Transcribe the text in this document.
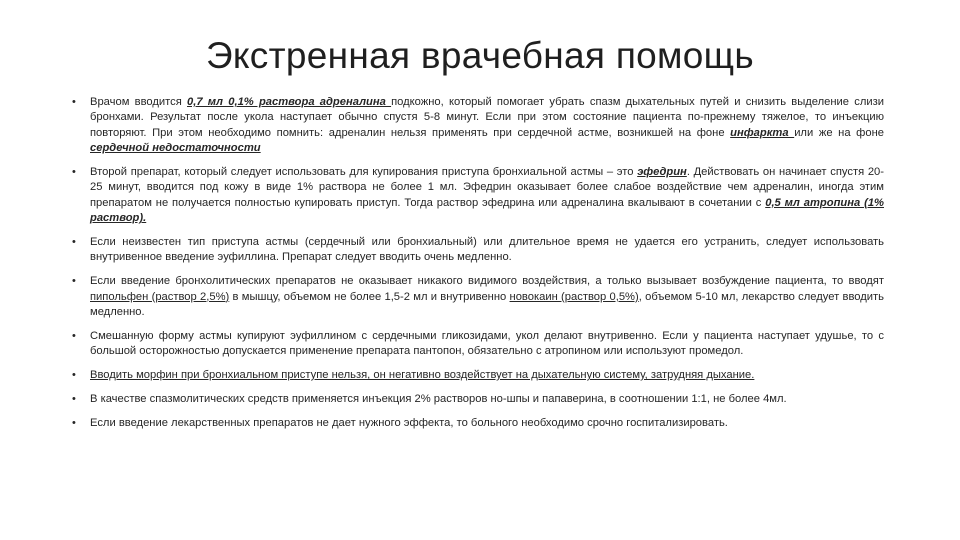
Экстренная врачебная помощь
• Врачом вводится 0,7 мл 0,1% раствора адреналина подкожно, который помогает убрать спазм дыхательных путей и снизить выделение слизи бронхами. Результат после укола наступает обычно спустя 5-8 минут. Если при этом состояние пациента по-прежнему тяжелое, то инъекцию повторяют. При этом необходимо помнить: адреналин нельзя применять при сердечной астме, возникшей на фоне инфаркта или же на фоне сердечной недостаточности
• Второй препарат, который следует использовать для купирования приступа бронхиальной астмы – это эфедрин. Действовать он начинает спустя 20-25 минут, вводится под кожу в виде 1% раствора не более 1 мл. Эфедрин оказывает более слабое воздействие чем адреналин, иногда этим препаратом не получается полностью купировать приступ. Тогда раствор эфедрина или адреналина вкалывают в сочетании с 0,5 мл атропина (1% раствор).
• Если неизвестен тип приступа астмы (сердечный или бронхиальный) или длительное время не удается его устранить, следует использовать внутривенное введение эуфиллина. Препарат следует вводить очень медленно.
• Если введение бронхолитических препаратов не оказывает никакого видимого воздействия, а только вызывает возбуждение пациента, то вводят пипольфен (раствор 2,5%) в мышцу, объемом не более 1,5-2 мл и внутривенно новокаин (раствор 0,5%), объемом 5-10 мл, лекарство следует вводить медленно.
• Смешанную форму астмы купируют эуфиллином с сердечными гликозидами, укол делают внутривенно. Если у пациента наступает удушье, то с большой осторожностью допускается применение препарата пантопон, обязательно с атропином или используют промедол.
• Вводить морфин при бронхиальном приступе нельзя, он негативно воздействует на дыхательную систему, затрудняя дыхание.
• В качестве спазмолитических средств применяется инъекция 2% растворов но-шпы и папаверина, в соотношении 1:1, не более 4мл.
• Если введение лекарственных препаратов не дает нужного эффекта, то больного необходимо срочно госпитализировать.
